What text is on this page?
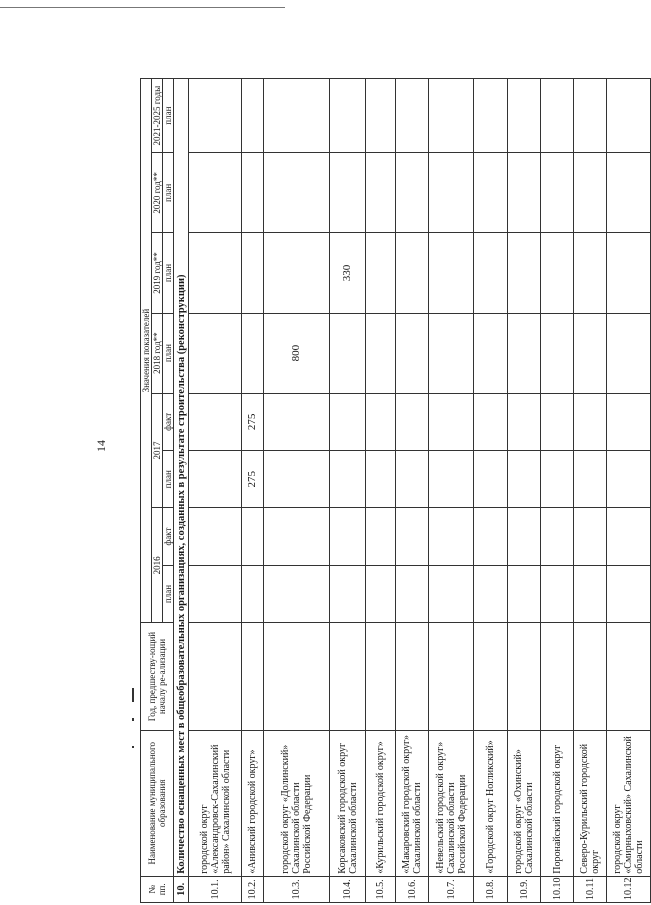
14
№ пп.	Наименование муниципального образования	Год, предшеству-ющий началу ре-ализации	Значения показателей							
			2016		2017		2018 год**	2019 год**	2020 год**	2021-2025 годы
			план	факт	план	факт	план	план	план	план
10.	Количество оснащенных мест в общеобразовательных организациях, созданных в результате строительства (реконструкции)									
10.1.	городской округ «Александровск-Сахалинский район» Сахалинской области									
10.2.	«Анивский городской округ»				275	275				
10.3.	городской округ «Долинский» Сахалинской области Российской Федерации						800			
10.4.	Корсаковский городской округ Сахалинской области							330		
10.5.	«Курильский городской округ»									
10.6.	«Макаровский городской округ» Сахалинской области									
10.7.	«Невельский городской округ» Сахалинской области Российской Федерации									
10.8.	«Городской округ Ногликский»									
10.9.	городской округ «Охинский» Сахалинской области									
10.10	Поронайский городской округ									
10.11	Северо-Курильский городской округ									
10.12	городской округ «Смирныховский» Сахалинской области									
